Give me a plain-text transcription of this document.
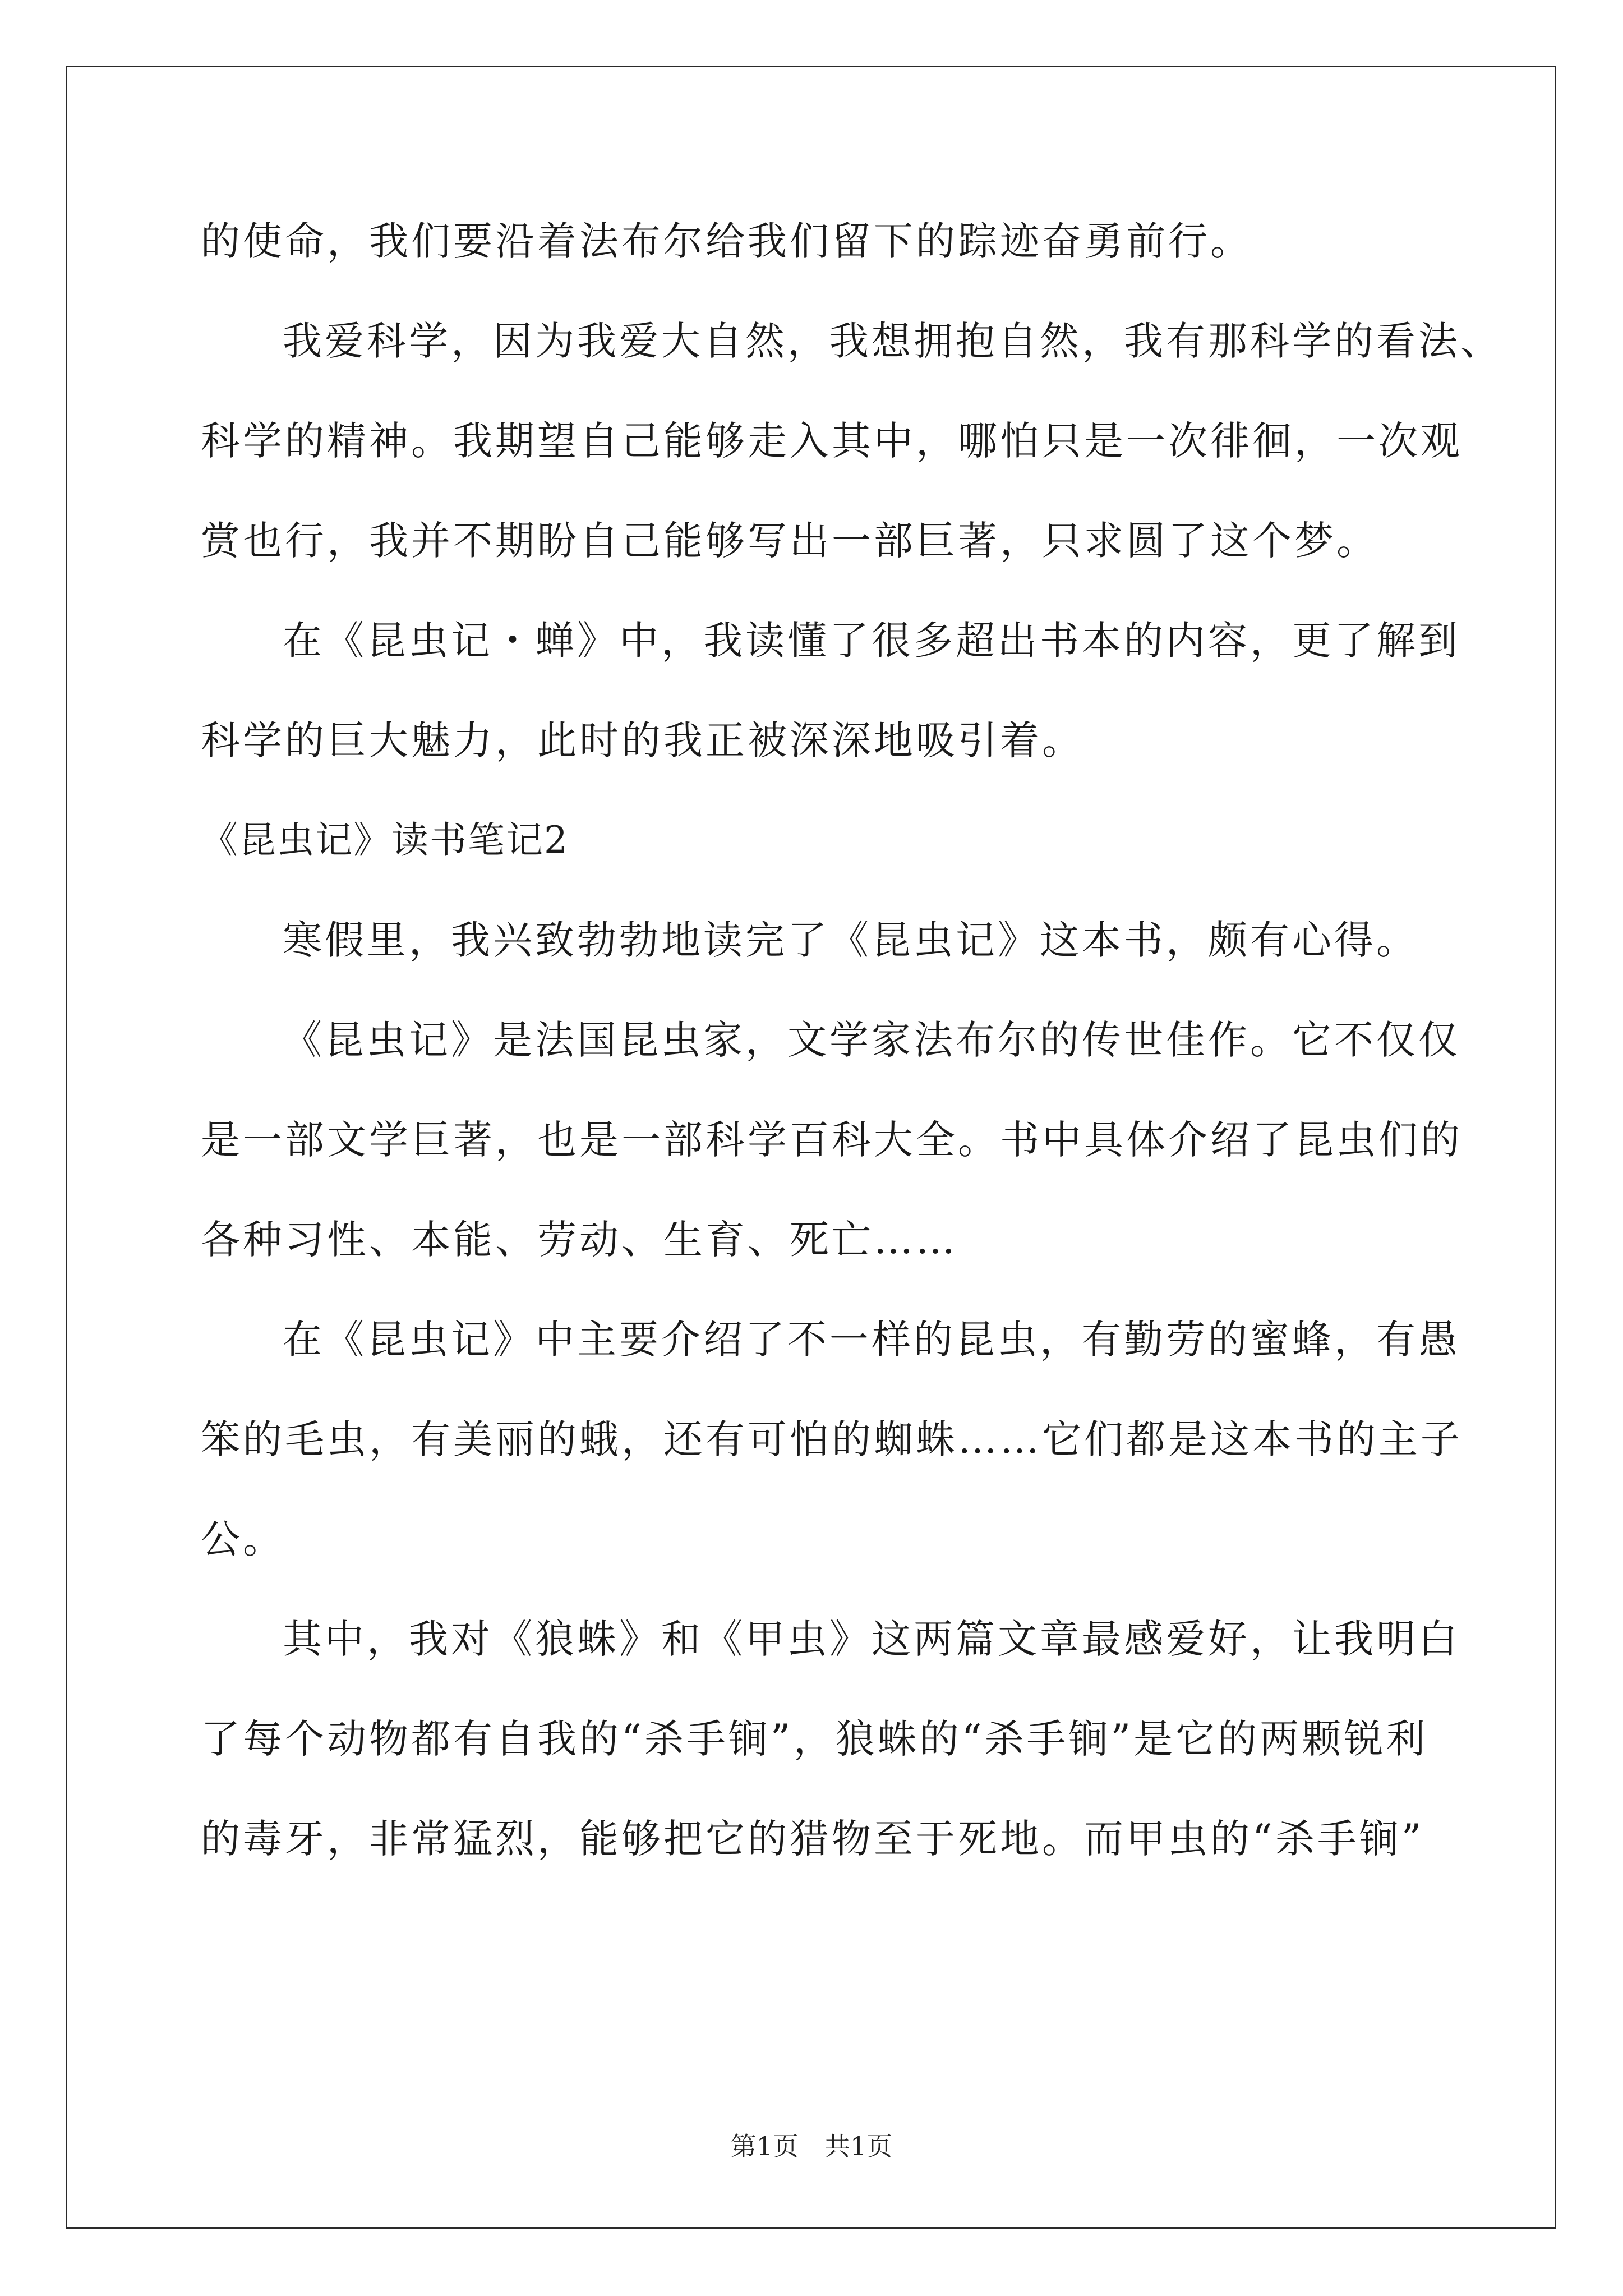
的使命，我们要沿着法布尔给我们留下的踪迹奋勇前行。
我爱科学，因为我爱大自然，我想拥抱自然，我有那科学的看法、
科学的精神。我期望自己能够走入其中，哪怕只是一次徘徊，一次观
赏也行，我并不期盼自己能够写出一部巨著，只求圆了这个梦。
在《昆虫记・蝉》中，我读懂了很多超出书本的内容，更了解到
科学的巨大魅力，此时的我正被深深地吸引着。
《昆虫记》读书笔记2
寒假里，我兴致勃勃地读完了《昆虫记》这本书，颇有心得。
《昆虫记》是法国昆虫家，文学家法布尔的传世佳作。它不仅仅
是一部文学巨著，也是一部科学百科大全。书中具体介绍了昆虫们的
各种习性、本能、劳动、生育、死亡……
在《昆虫记》中主要介绍了不一样的昆虫，有勤劳的蜜蜂，有愚
笨的毛虫，有美丽的蛾，还有可怕的蜘蛛……它们都是这本书的主子
公。
其中，我对《狼蛛》和《甲虫》这两篇文章最感爱好，让我明白
了每个动物都有自我的“杀手锏”，狼蛛的“杀手锏”是它的两颗锐利
的毒牙，非常猛烈，能够把它的猎物至于死地。而甲虫的“杀手锏”
第1页　共1页
